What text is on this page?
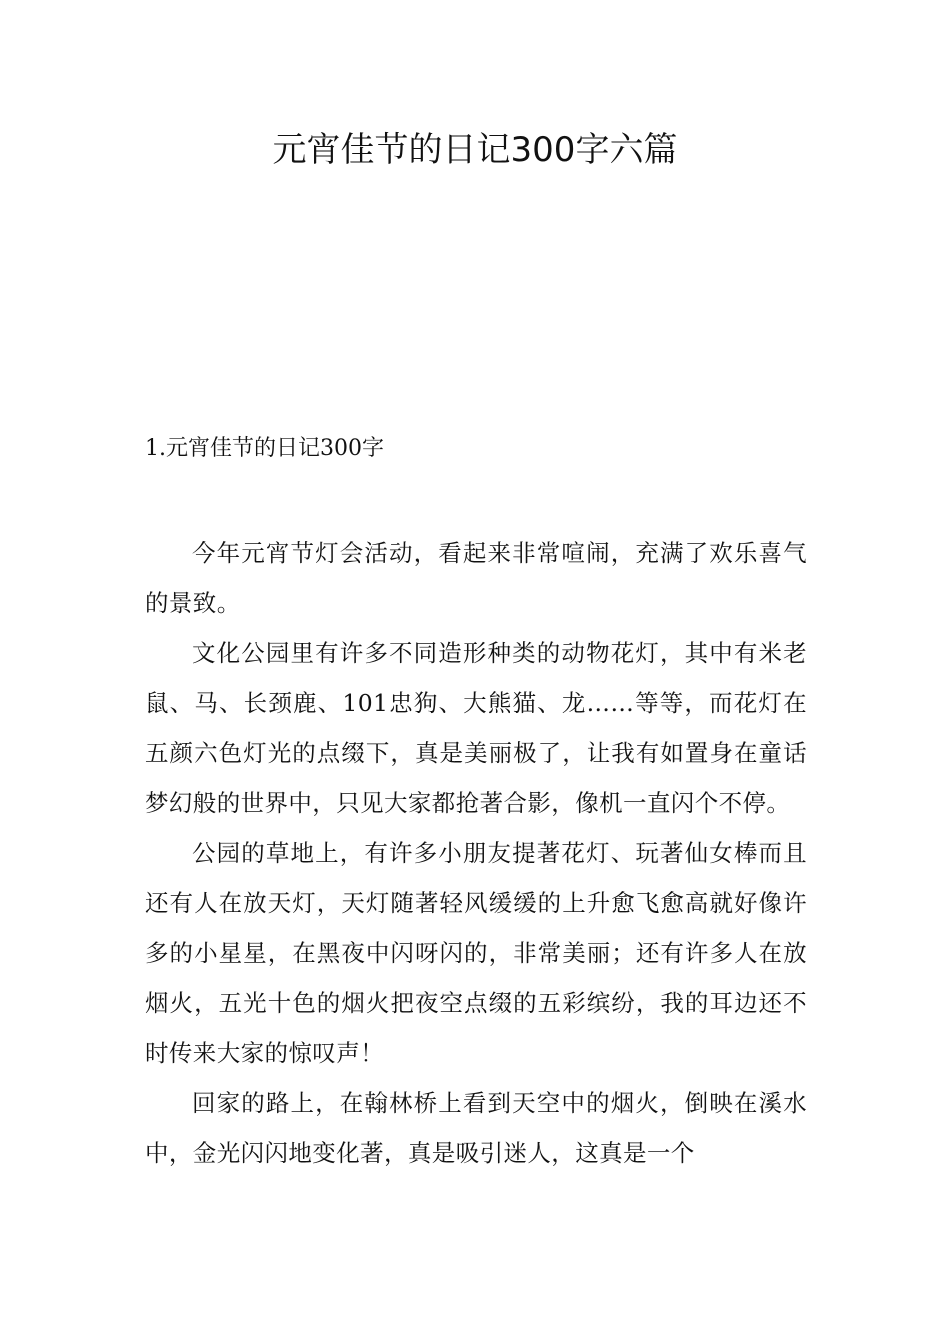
元宵佳节的日记300字六篇
1.元宵佳节的日记300字

今年元宵节灯会活动，看起来非常喧闹，充满了欢乐喜气的景致。

文化公园里有许多不同造形种类的动物花灯，其中有米老鼠、马、长颈鹿、101忠狗、大熊猫、龙……等等，而花灯在五颜六色灯光的点缀下，真是美丽极了，让我有如置身在童话梦幻般的世界中，只见大家都抢著合影，像机一直闪个不停。

公园的草地上，有许多小朋友提著花灯、玩著仙女棒而且还有人在放天灯，天灯随著轻风缓缓的上升愈飞愈高就好像许多的小星星，在黑夜中闪呀闪的，非常美丽；还有许多人在放烟火，五光十色的烟火把夜空点缀的五彩缤纷，我的耳边还不时传来大家的惊叹声！

回家的路上，在翰林桥上看到天空中的烟火，倒映在溪水中，金光闪闪地变化著，真是吸引迷人，这真是一个
